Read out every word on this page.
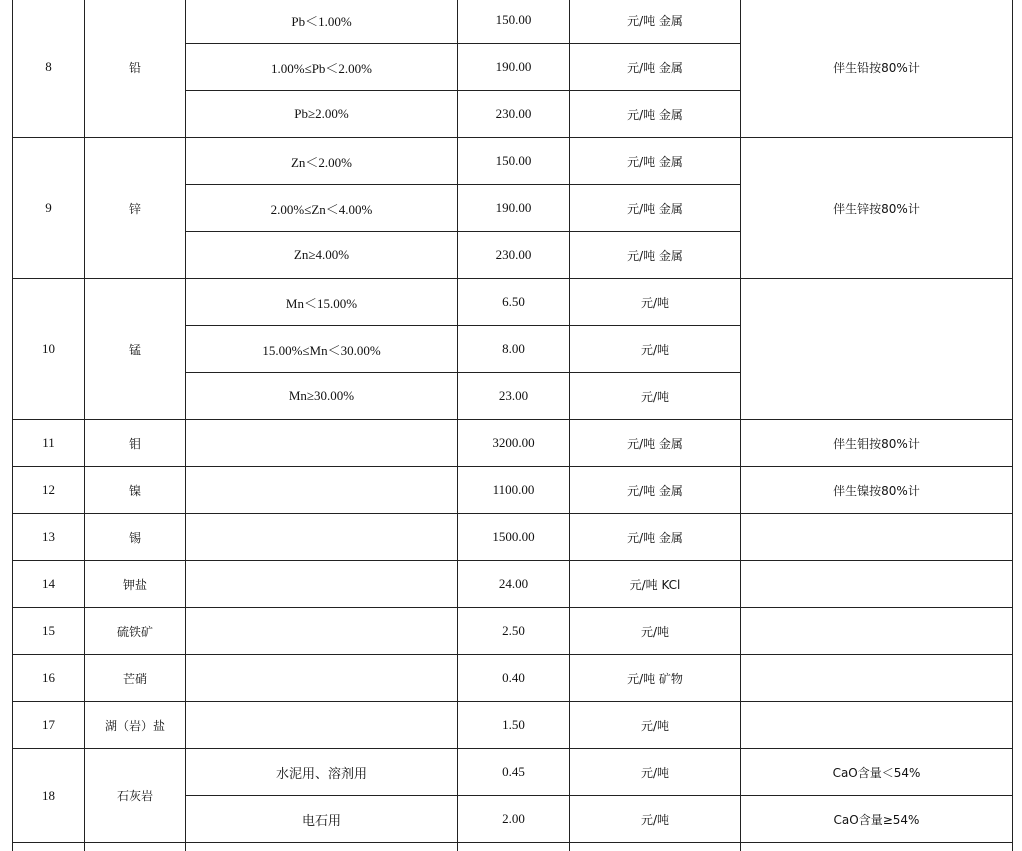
8	铅	Pb＜1.00%	150.00	元/吨 金属	伴生铅按80%计
		1.00%≤Pb＜2.00%	190.00	元/吨 金属	
		Pb≥2.00%	230.00	元/吨 金属	
9	锌	Zn＜2.00%	150.00	元/吨 金属	伴生锌按80%计
		2.00%≤Zn＜4.00%	190.00	元/吨 金属	
		Zn≥4.00%	230.00	元/吨 金属	
10	锰	Mn＜15.00%	6.50	元/吨	
		15.00%≤Mn＜30.00%	8.00	元/吨	
		Mn≥30.00%	23.00	元/吨	
11	钼		3200.00	元/吨 金属	伴生钼按80%计
12	镍		1100.00	元/吨 金属	伴生镍按80%计
13	锡		1500.00	元/吨 金属	
14	钾盐		24.00	元/吨 KCl	
15	硫铁矿		2.50	元/吨	
16	芒硝		0.40	元/吨 矿物	
17	湖（岩）盐		1.50	元/吨	
18	石灰岩	水泥用、溶剂用	0.45	元/吨	CaO含量＜54%
		电石用	2.00	元/吨	CaO含量≥54%
